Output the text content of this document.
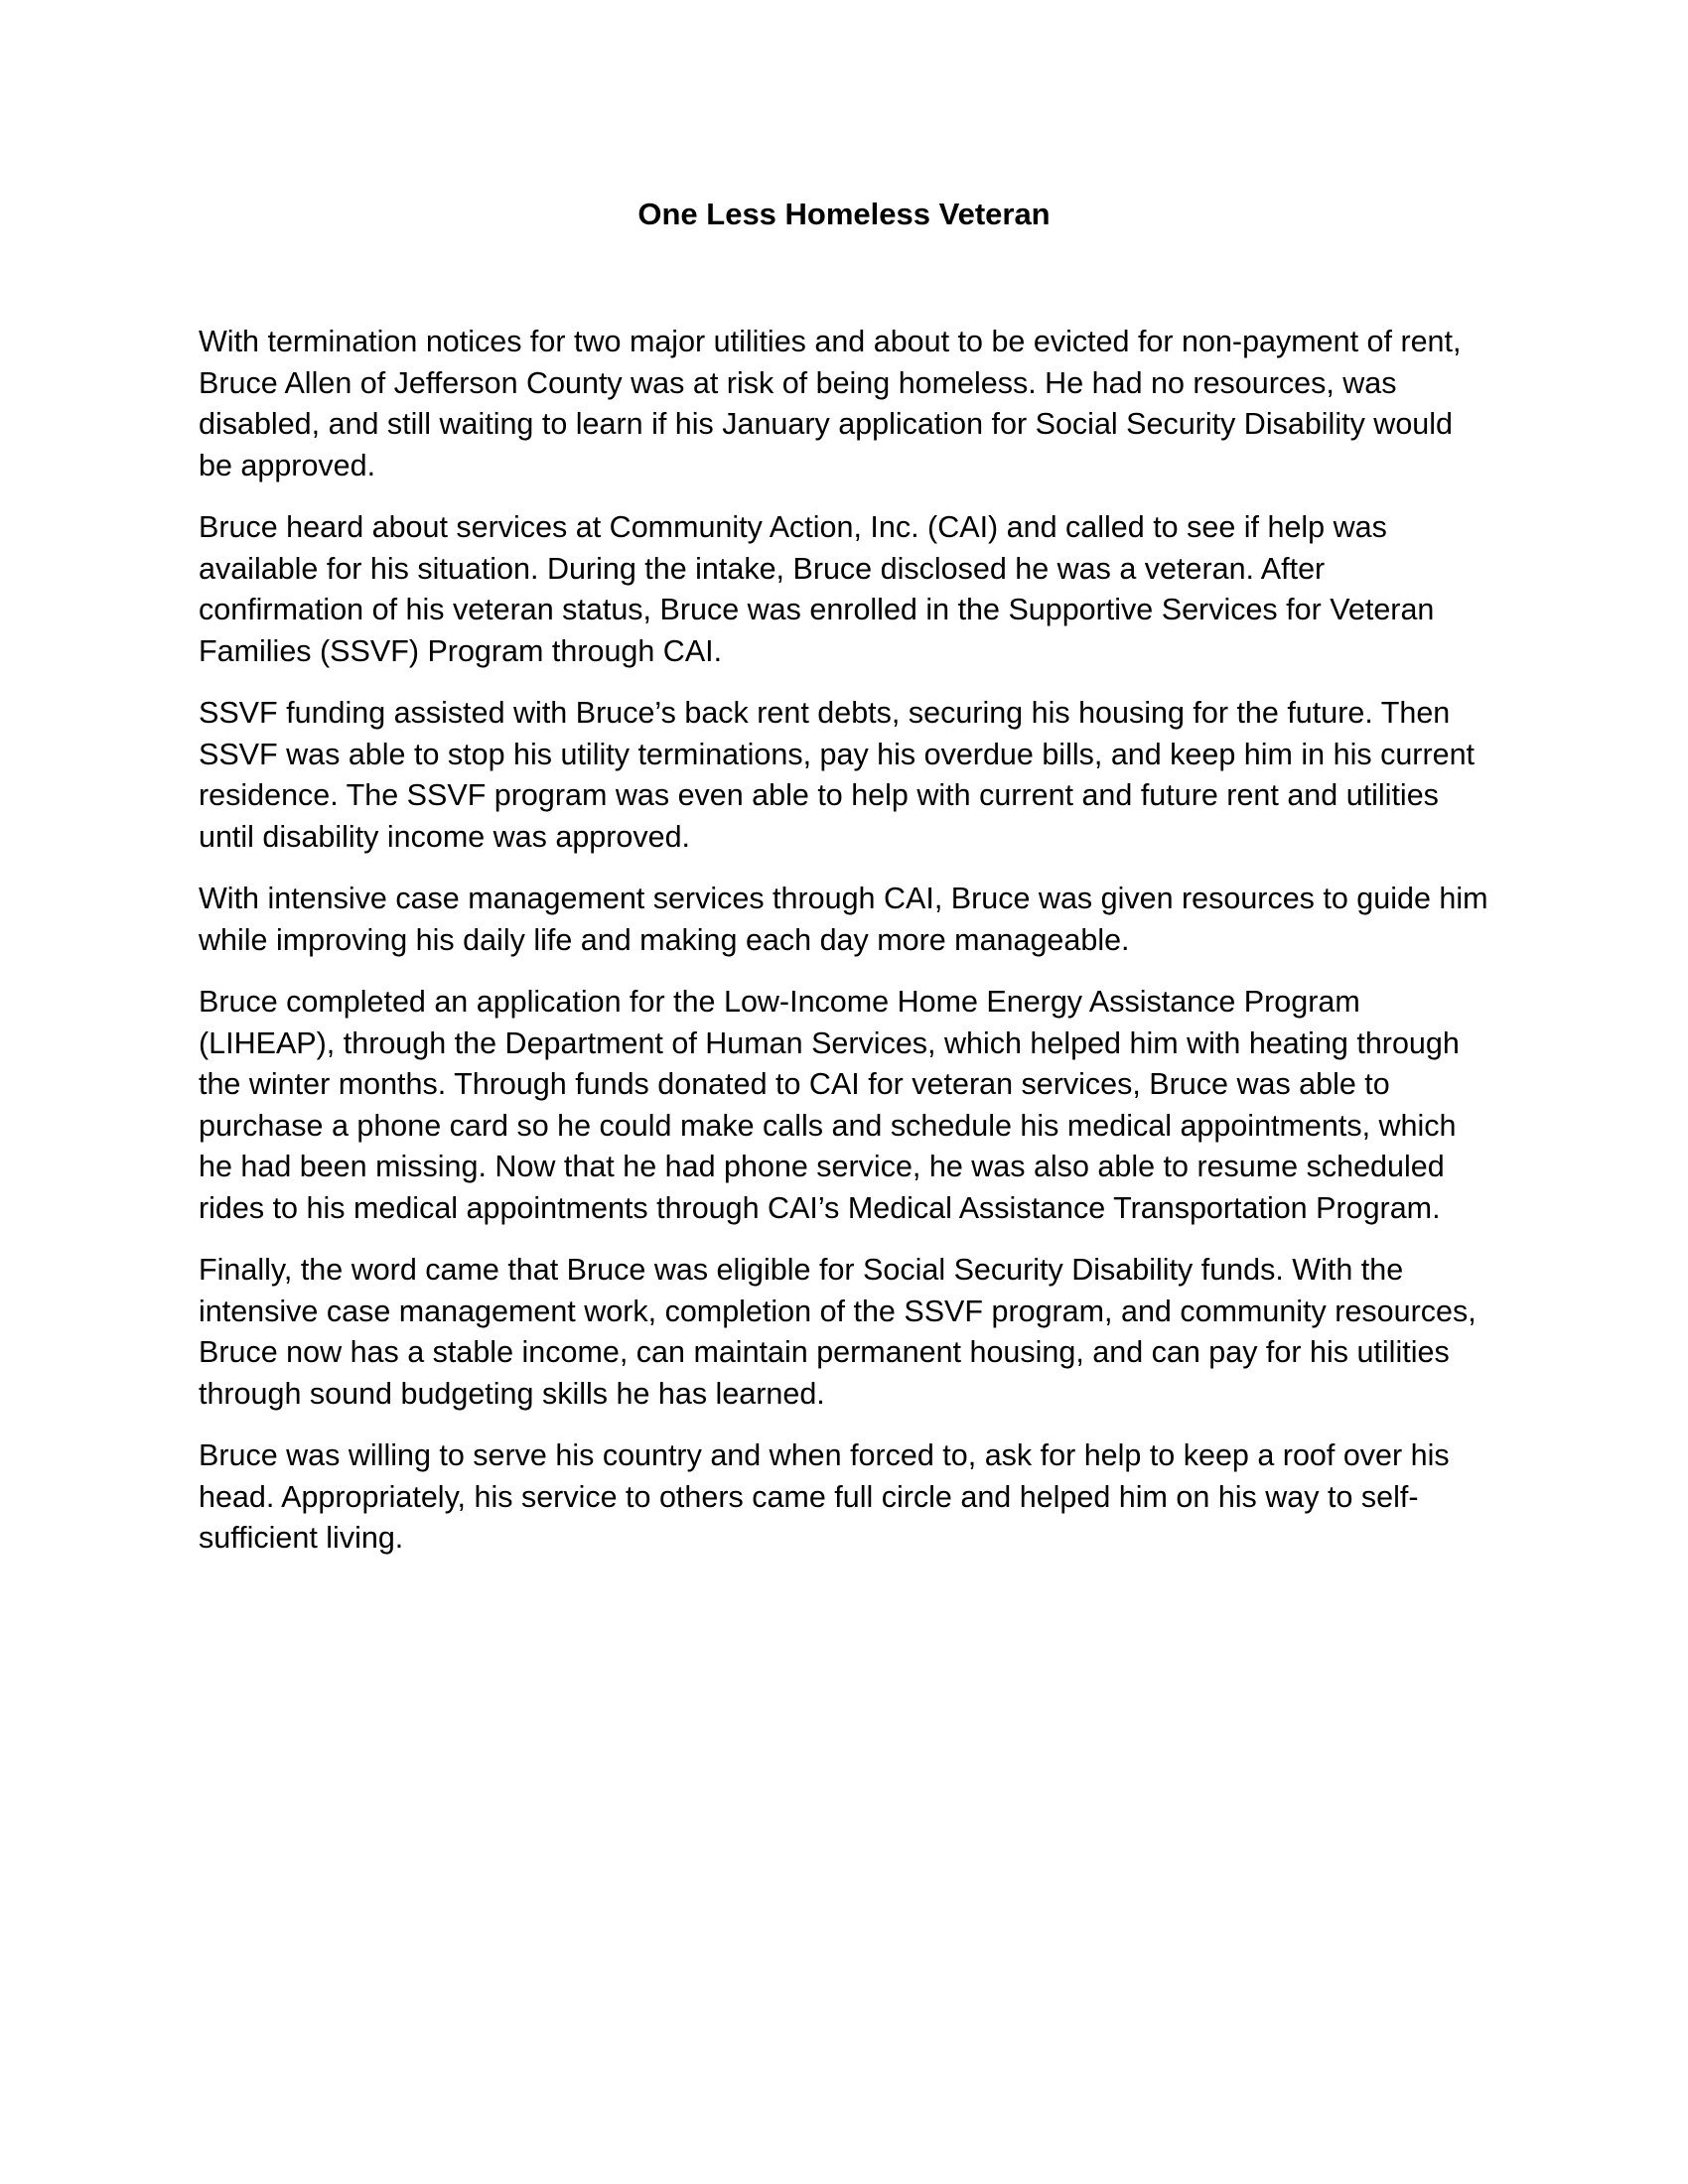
One Less Homeless Veteran

With termination notices for two major utilities and about to be evicted for non-payment of rent, Bruce Allen of Jefferson County was at risk of being homeless. He had no resources, was disabled, and still waiting to learn if his January application for Social Security Disability would be approved.

Bruce heard about services at Community Action, Inc. (CAI) and called to see if help was available for his situation. During the intake, Bruce disclosed he was a veteran. After confirmation of his veteran status, Bruce was enrolled in the Supportive Services for Veteran Families (SSVF) Program through CAI.

SSVF funding assisted with Bruce’s back rent debts, securing his housing for the future. Then SSVF was able to stop his utility terminations, pay his overdue bills, and keep him in his current residence. The SSVF program was even able to help with current and future rent and utilities until disability income was approved.

With intensive case management services through CAI, Bruce was given resources to guide him while improving his daily life and making each day more manageable.

Bruce completed an application for the Low-Income Home Energy Assistance Program (LIHEAP), through the Department of Human Services, which helped him with heating through the winter months. Through funds donated to CAI for veteran services, Bruce was able to purchase a phone card so he could make calls and schedule his medical appointments, which he had been missing. Now that he had phone service, he was also able to resume scheduled rides to his medical appointments through CAI’s Medical Assistance Transportation Program.

Finally, the word came that Bruce was eligible for Social Security Disability funds. With the intensive case management work, completion of the SSVF program, and community resources, Bruce now has a stable income, can maintain permanent housing, and can pay for his utilities through sound budgeting skills he has learned.

Bruce was willing to serve his country and when forced to, ask for help to keep a roof over his head. Appropriately, his service to others came full circle and helped him on his way to self-sufficient living.
